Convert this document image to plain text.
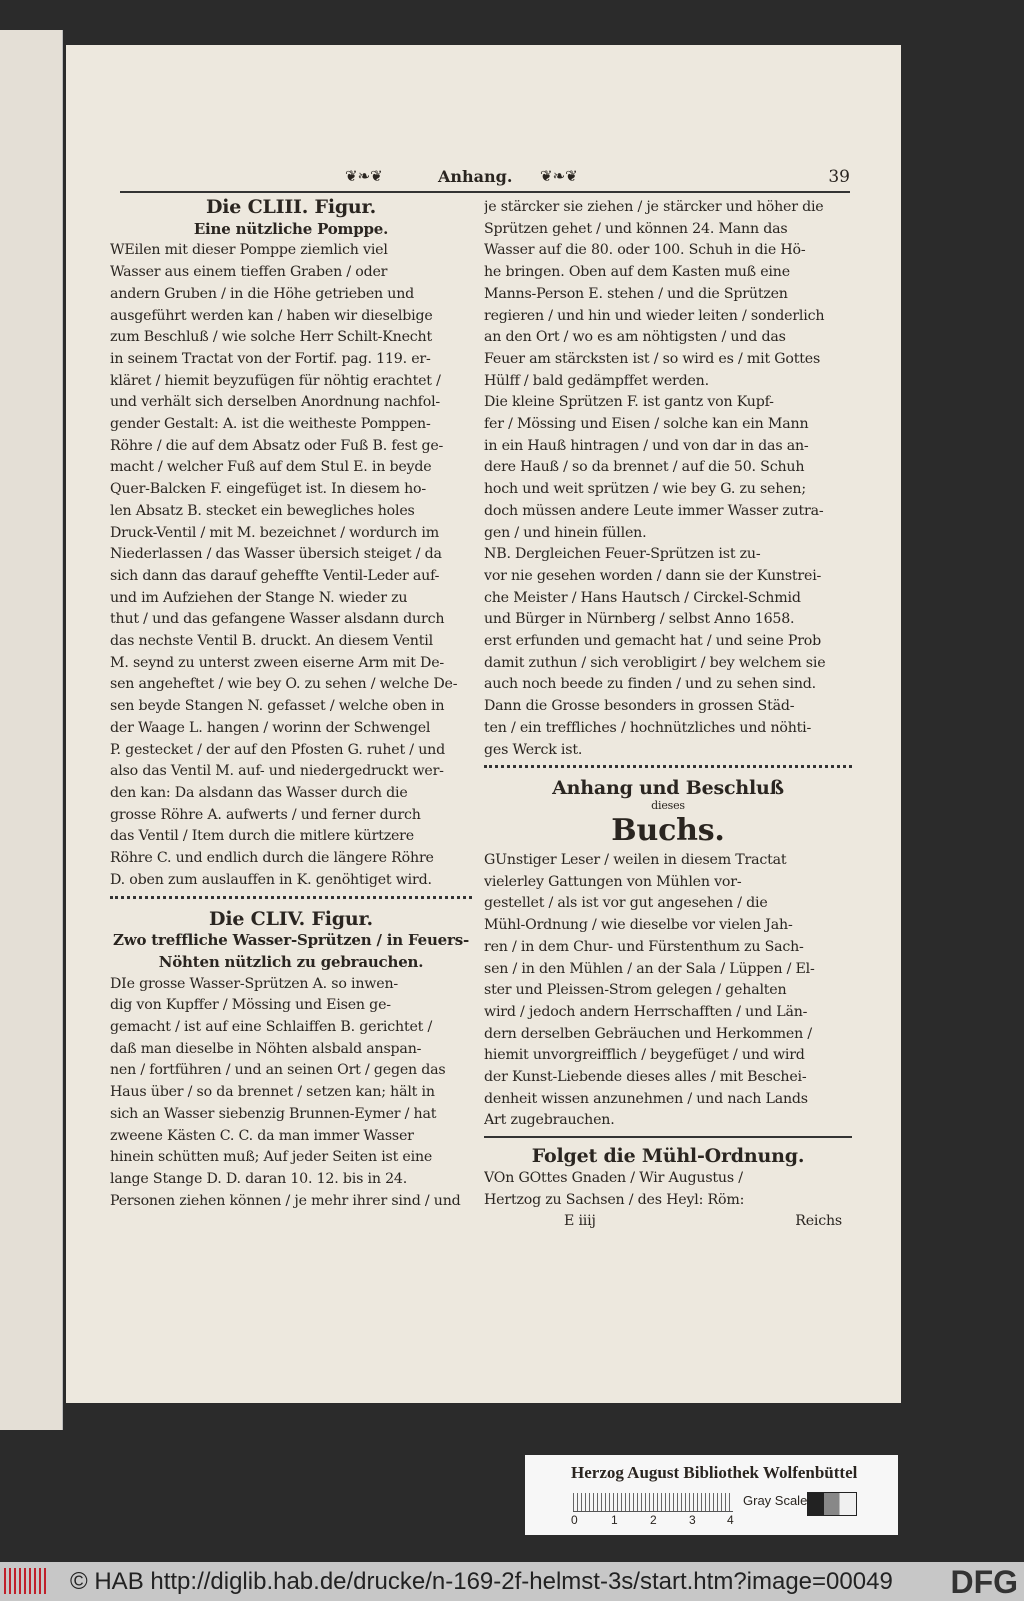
❦❧❦	Anhang. ❦❧❦	39
Die CLIII. Figur.
Eine nützliche Pomppe.
WEilen mit dieser Pomppe ziemlich viel
Wasser aus einem tieffen Graben / oder
andern Gruben / in die Höhe getrieben und
ausgeführt werden kan / haben wir dieselbige
zum Beschluß / wie solche Herr Schilt-Knecht
in seinem Tractat von der Fortif. pag. 119. er-
kläret / hiemit beyzufügen für nöhtig erachtet /
und verhält sich derselben Anordnung nachfol-
gender Gestalt: A. ist die weitheste Pomppen-
Röhre / die auf dem Absatz oder Fuß B. fest ge-
macht / welcher Fuß auf dem Stul E. in beyde
Quer-Balcken F. eingefüget ist. In diesem ho-
len Absatz B. stecket ein bewegliches holes
Druck-Ventil / mit M. bezeichnet / wordurch im
Niederlassen / das Wasser übersich steiget / da
sich dann das darauf geheffte Ventil-Leder auf-
und im Aufziehen der Stange N. wieder zu
thut / und das gefangene Wasser alsdann durch
das nechste Ventil B. druckt. An diesem Ventil
M. seynd zu unterst zween eiserne Arm mit De-
sen angeheftet / wie bey O. zu sehen / welche De-
sen beyde Stangen N. gefasset / welche oben in
der Waage L. hangen / worinn der Schwengel
P. gestecket / der auf den Pfosten G. ruhet / und
also das Ventil M. auf- und niedergedruckt wer-
den kan: Da alsdann das Wasser durch die
grosse Röhre A. aufwerts / und ferner durch
das Ventil / Item durch die mitlere kürtzere
Röhre C. und endlich durch die längere Röhre
D. oben zum auslauffen in K. genöhtiget wird.
Die CLIV. Figur.
Zwo treffliche Wasser-Sprützen / in Feuers-
Nöhten nützlich zu gebrauchen.
DIe grosse Wasser-Sprützen A. so inwen-
dig von Kupffer / Mössing und Eisen ge-
gemacht / ist auf eine Schlaiffen B. gerichtet /
daß man dieselbe in Nöhten alsbald anspan-
nen / fortführen / und an seinen Ort / gegen das
Haus über / so da brennet / setzen kan; hält in
sich an Wasser siebenzig Brunnen-Eymer / hat
zweene Kästen C. C. da man immer Wasser
hinein schütten muß; Auf jeder Seiten ist eine
lange Stange D. D. daran 10. 12. bis in 24.
Personen ziehen können / je mehr ihrer sind / und
je stärcker sie ziehen / je stärcker und höher die
Sprützen gehet / und können 24. Mann das
Wasser auf die 80. oder 100. Schuh in die Hö-
he bringen. Oben auf dem Kasten muß eine
Manns-Person E. stehen / und die Sprützen
regieren / und hin und wieder leiten / sonderlich
an den Ort / wo es am nöhtigsten / und das
Feuer am stärcksten ist / so wird es / mit Gottes
Hülff / bald gedämpffet werden.
Die kleine Sprützen F. ist gantz von Kupf-
fer / Mössing und Eisen / solche kan ein Mann
in ein Hauß hintragen / und von dar in das an-
dere Hauß / so da brennet / auf die 50. Schuh
hoch und weit sprützen / wie bey G. zu sehen;
doch müssen andere Leute immer Wasser zutra-
gen / und hinein füllen.
NB. Dergleichen Feuer-Sprützen ist zu-
vor nie gesehen worden / dann sie der Kunstrei-
che Meister / Hans Hautsch / Circkel-Schmid
und Bürger in Nürnberg / selbst Anno 1658.
erst erfunden und gemacht hat / und seine Prob
damit zuthun / sich verobligirt / bey welchem sie
auch noch beede zu finden / und zu sehen sind.
Dann die Grosse besonders in grossen Städ-
ten / ein treffliches / hochnützliches und nöhti-
ges Werck ist.
Anhang und Beschluß
dieses
Buchs.
GUnstiger Leser / weilen in diesem Tractat
vielerley Gattungen von Mühlen vor-
gestellet / als ist vor gut angesehen / die
Mühl-Ordnung / wie dieselbe vor vielen Jah-
ren / in dem Chur- und Fürstenthum zu Sach-
sen / in den Mühlen / an der Sala / Lüppen / El-
ster und Pleissen-Strom gelegen / gehalten
wird / jedoch andern Herrschafften / und Län-
dern derselben Gebräuchen und Herkommen /
hiemit unvorgreifflich / beygefüget / und wird
der Kunst-Liebende dieses alles / mit Beschei-
denheit wissen anzunehmen / und nach Lands
Art zugebrauchen.
Folget die Mühl-Ordnung.
VOn GOttes Gnaden / Wir Augustus /
Hertzog zu Sachsen / des Heyl: Röm:
E iiij	Reichs
Herzog August Bibliothek Wolfenbüttel
0	1	2	3	4
Gray Scale
© HAB http://diglib.hab.de/drucke/n-169-2f-helmst-3s/start.htm?image=00049 DFG
